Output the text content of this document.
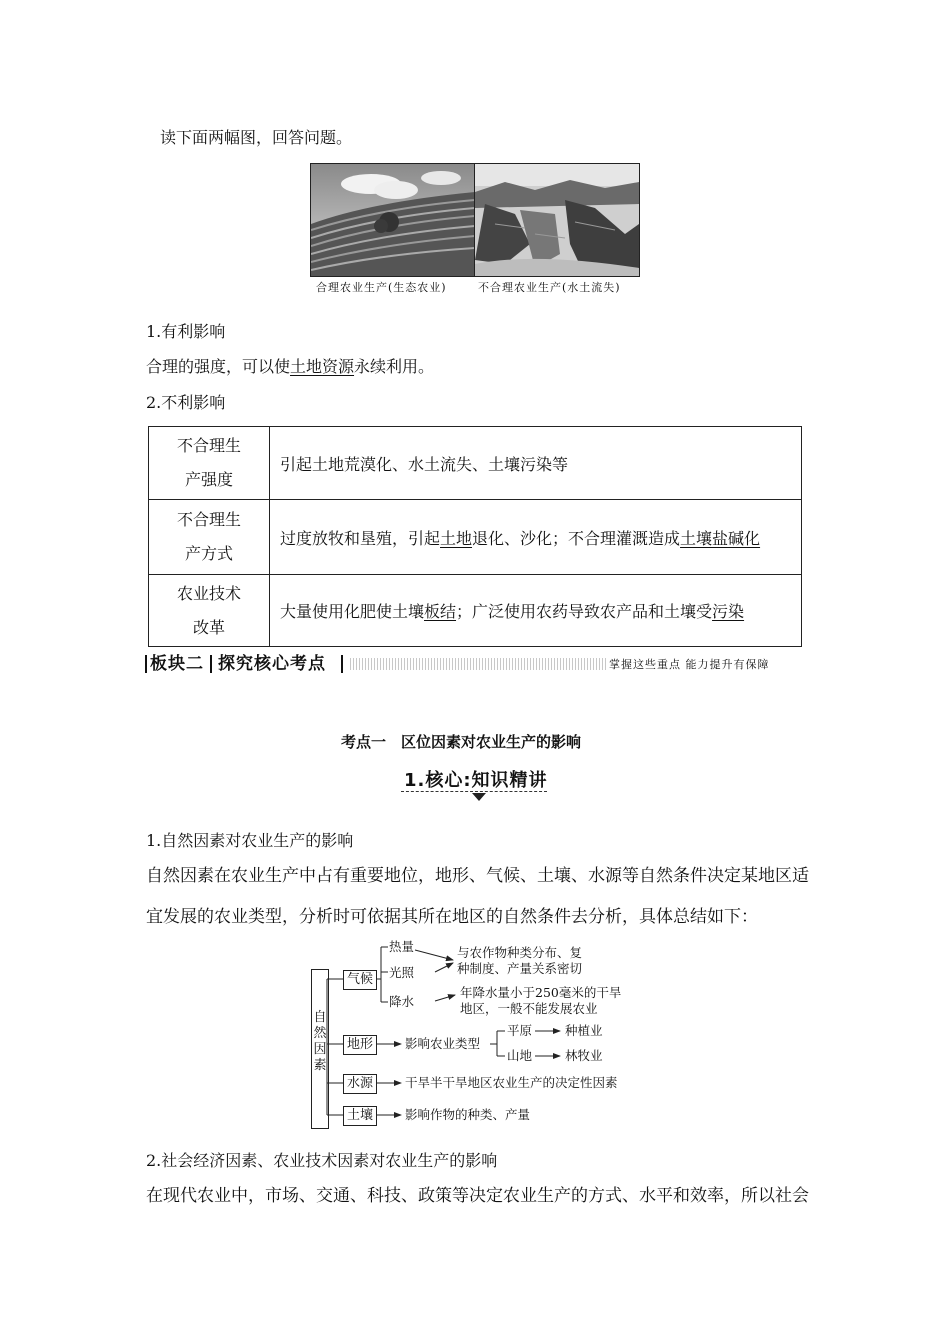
读下面两幅图，回答问题。
合理农业生产(生态农业)	不合理农业生产(水土流失)
1.有利影响
合理的强度，可以使土地资源永续利用。
2.不利影响
不合理生
产强度	引起土地荒漠化、水土流失、土壤污染等

不合理生
产方式	过度放牧和垦殖，引起土地退化、沙化；不合理灌溉造成土壤盐碱化

农业技术
改革	大量使用化肥使土壤板结；广泛使用农药导致农产品和土壤受污染
板块二 探究核心考点	掌握这些重点 能力提升有保障
考点一　区位因素对农业生产的影响
1.核心:知识精讲
1.自然因素对农业生产的影响
自然因素在农业生产中占有重要地位，地形、气候、土壤、水源等自然条件决定某地区适
宜发展的农业类型，分析时可依据其所在地区的自然条件去分析，具体总结如下：
自
然
因
素
气候
热量
光照
降水
与农作物种类分布、复
种制度、产量关系密切
年降水量小于250毫米的干旱
地区，一般不能发展农业
地形	影响农业类型
平原	种植业
山地	林牧业
水源	干旱半干旱地区农业生产的决定性因素
土壤	影响作物的种类、产量
2.社会经济因素、农业技术因素对农业生产的影响
在现代农业中，市场、交通、科技、政策等决定农业生产的方式、水平和效率，所以社会
